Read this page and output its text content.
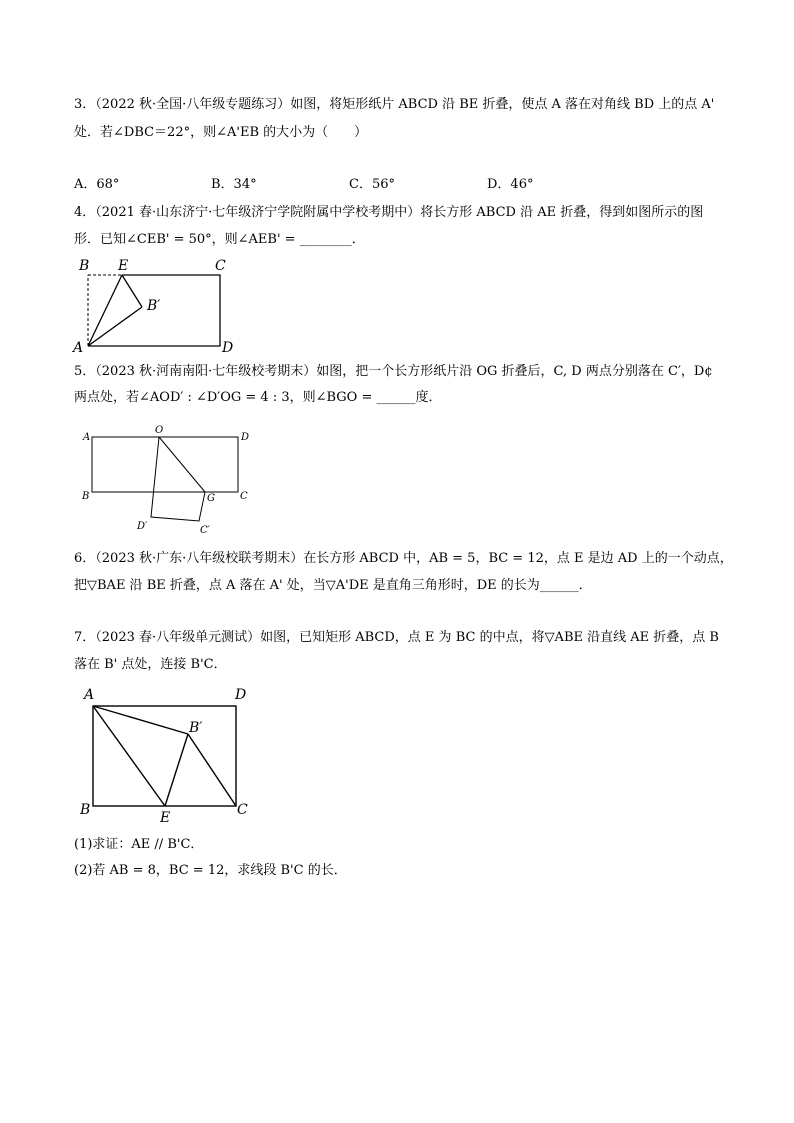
3．（2022 秋·全国·八年级专题练习）如图，将矩形纸片 ABCD 沿 BE 折叠，使点 A 落在对角线 BD 上的点 A'
处．若∠DBC＝22°，则∠A'EB 的大小为（　　）
A．68°	B．34°	C．56°	D．46°
4．（2021 春·山东济宁·七年级济宁学院附属中学校考期中）将长方形 ABCD 沿 AE 折叠，得到如图所示的图
形．已知∠CEB' = 50°，则∠AEB' = ________．
B E	C
B′
A	D
5．（2023 秋·河南南阳·七年级校考期末）如图，把一个长方形纸片沿 OG 折叠后，C, D 两点分别落在 C′，D¢
两点处，若∠AOD′ : ∠D′OG = 4 : 3，则∠BGO = ______度．
A
O
D
B	G	C
D′	C′
6．（2023 秋·广东·八年级校联考期末）在长方形 ABCD 中，AB = 5，BC = 12，点 E 是边 AD 上的一个动点，
把▽BAE 沿 BE 折叠，点 A 落在 A' 处，当▽A'DE 是直角三角形时，DE 的长为______．
7．（2023 春·八年级单元测试）如图，已知矩形 ABCD，点 E 为 BC 的中点，将▽ABE 沿直线 AE 折叠，点 B
落在 B' 点处，连接 B'C．
A	D
B′
B	E	C
(1)求证：AE // B'C．
(2)若 AB = 8，BC = 12，求线段 B'C 的长．
